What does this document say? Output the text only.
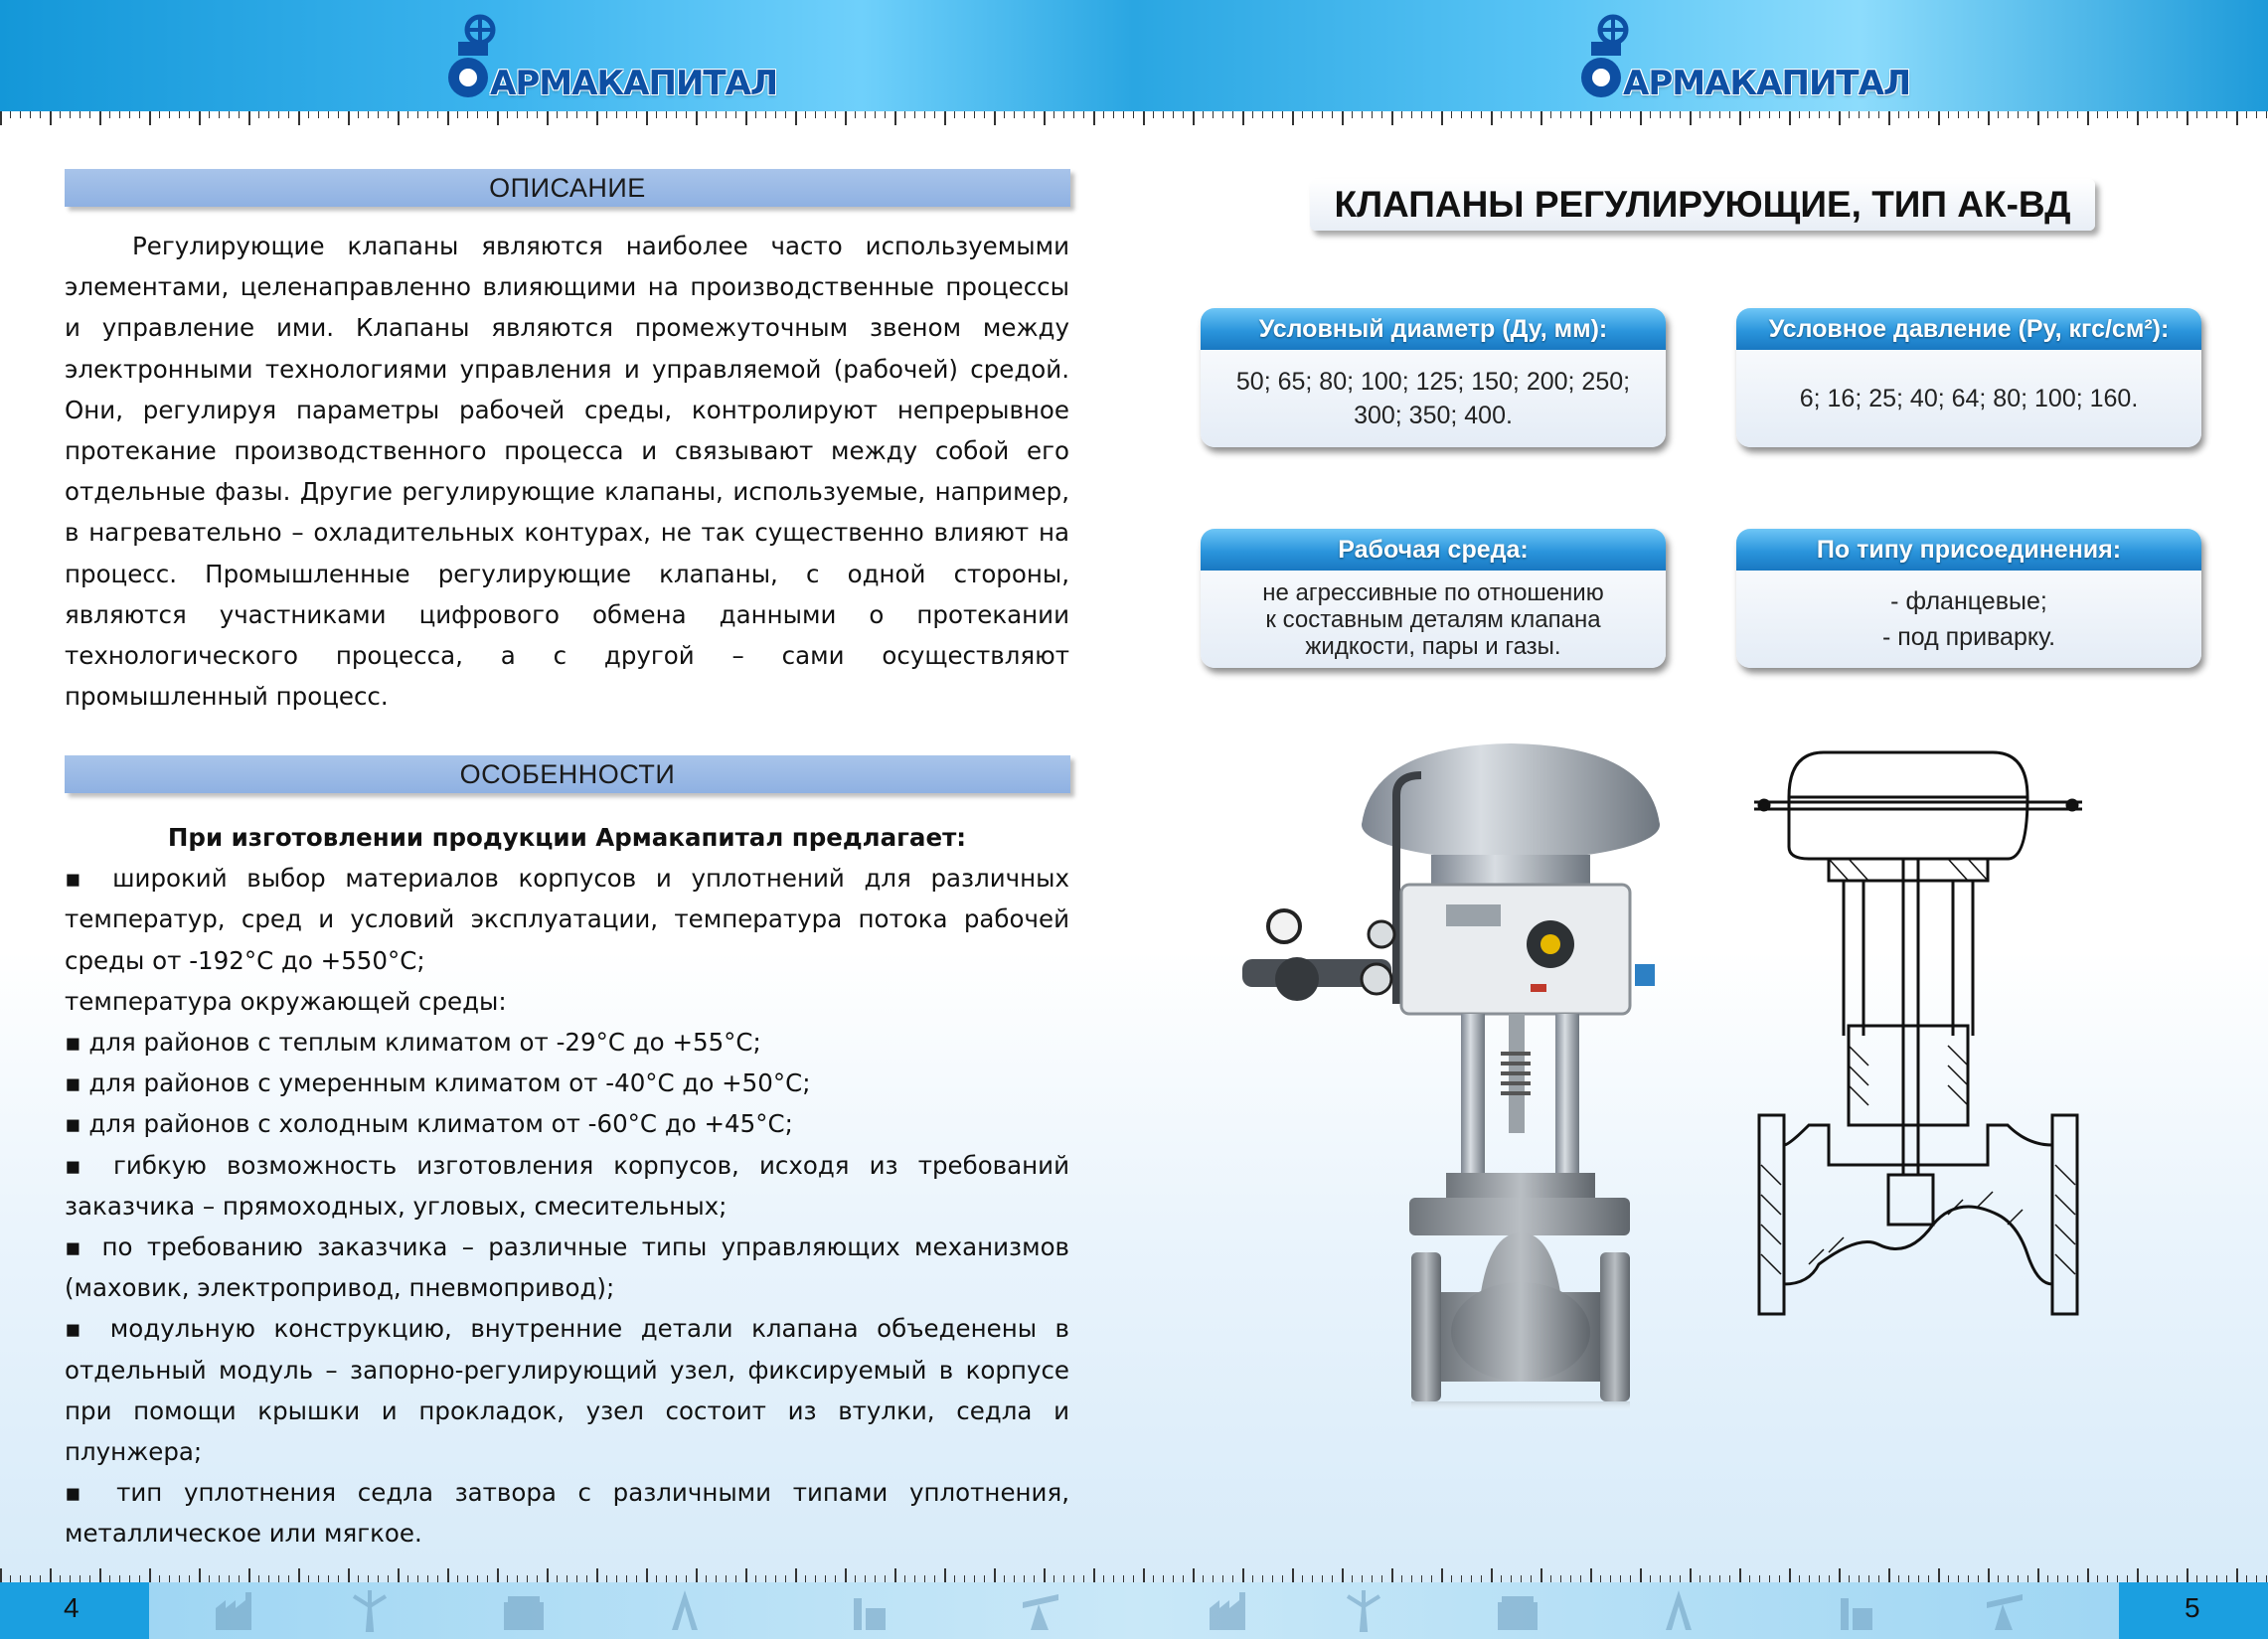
АРМАКАПИТАЛ	АРМАКАПИТАЛ
ОПИСАНИЕ

Регулирующие клапаны являются наиболее часто используемыми элементами, целенаправленно влияющими на производственные процессы и управление ими. Клапаны являются промежуточным звеном между электронными технологиями управления и управляемой (рабочей) средой. Они, регулируя параметры рабочей среды, контролируют непрерывное протекание производственного процесса и связывают между собой его отдельные фазы. Другие регулирующие клапаны, используемые, например, в нагревательно – охладительных контурах, не так существенно влияют на процесс. Промышленные регулирующие клапаны, с одной стороны, являются участниками цифрового обмена данными о протекании технологического процесса, а с другой – сами осуществляют промышленный процесс.

ОСОБЕННОСТИ

При изготовлении продукции Армакапитал предлагает:

▪ широкий выбор материалов корпусов и уплотнений для различных температур, сред и условий эксплуатации, температура потока рабочей среды от -192°С до +550°С;

температура окружающей среды:

▪ для районов с теплым климатом от -29°С до +55°С;

▪ для районов с умеренным климатом от -40°С до +50°С;

▪ для районов с холодным климатом от -60°С до +45°С;

▪ гибкую возможность изготовления корпусов, исходя из требований заказчика – прямоходных, угловых, смесительных;

▪ по требованию заказчика – различные типы управляющих механизмов (маховик, электропривод, пневмопривод);

▪ модульную конструкцию, внутренние детали клапана объеденены в отдельный модуль – запорно-регулирующий узел, фиксируемый в корпусе при помощи крышки и прокладок, узел состоит из втулки, седла и плунжера;

▪ тип уплотнения седла затвора с различными типами уплотнения, металлическое или мягкое.

КЛАПАНЫ РЕГУЛИРУЮЩИЕ, ТИП АК-ВД
Условный диаметр (Ду, мм):
50; 65; 80; 100; 125; 150; 200; 250;
300; 350; 400.
Условное давление (Ру, кгс/см²):
6; 16; 25; 40; 64; 80; 100; 160.
Рабочая среда:
не агрессивные по отношению
к составным деталям клапана
жидкости, пары и газы.
По типу присоединения:
- фланцевые;
- под приварку.
4	5
